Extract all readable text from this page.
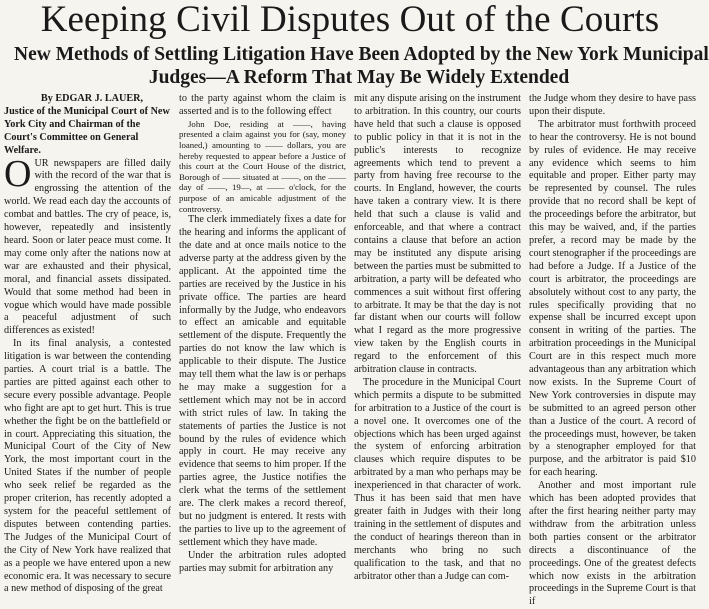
Keeping Civil Disputes Out of the Courts
New Methods of Settling Litigation Have Been Adopted by the New York Municipal
Judges—A Reform That May Be Widely Extended

By EDGAR J. LAUER,
Justice of the Municipal Court of New York City and Chairman of the Court's Committee on General Welfare.

OUR newspapers are filled daily with the record of the war that is engrossing the attention of the world. We read each day the accounts of combat and battles. The cry of peace, is, however, repeatedly and insistently heard. Soon or later peace must come. It may come only after the nations now at war are exhausted and their physical, moral, and financial assets dissipated. Would that some method had been in vogue which would have made possible a peaceful adjustment of such differences as existed!

In its final analysis, a contested litigation is war between the contending parties. A court trial is a battle. The parties are pitted against each other to secure every possible advantage. People who fight are apt to get hurt. This is true whether the fight be on the battlefield or in court. Appreciating this situation, the Municipal Court of the City of New York, the most important court in the United States if the number of people who seek relief be regarded as the proper criterion, has recently adopted a system for the peaceful settlement of disputes between contending parties. The Judges of the Municipal Court of the City of New York have realized that as a people we have entered upon a new economic era. It was necessary to secure a new method of disposing of the great

to the party against whom the claim is asserted and is to the following effect

John Doe, residing at ——, having presented a claim against you for (say, money loaned,) amounting to —— dollars, you are hereby requested to appear before a Justice of this court at the Court House of the district, Borough of —— situated at ——, on the —— day of ——, 19—, at —— o'clock, for the purpose of an amicable adjustment of the controversy.

The clerk immediately fixes a date for the hearing and informs the applicant of the date and at once mails notice to the adverse party at the address given by the applicant. At the appointed time the parties are received by the Justice in his private office. The parties are heard informally by the Judge, who endeavors to effect an amicable and equitable settlement of the dispute. Frequently the parties do not know the law which is applicable to their dispute. The Justice may tell them what the law is or perhaps he may make a suggestion for a settlement which may not be in accord with strict rules of law. In taking the statements of parties the Justice is not bound by the rules of evidence which apply in court. He may receive any evidence that seems to him proper. If the parties agree, the Justice notifies the clerk what the terms of the settlement are. The clerk makes a record thereof, but no judgment is entered. It rests with the parties to live up to the agreement of settlement which they have made.

Under the arbitration rules adopted parties may submit for arbitration any

mit any dispute arising on the instrument to arbitration. In this country, our courts have held that such a clause is opposed to public policy in that it is not in the public's interests to recognize agreements which tend to prevent a party from having free recourse to the courts. In England, however, the courts have taken a contrary view. It is there held that such a clause is valid and enforceable, and that where a contract contains a clause that before an action may be instituted any dispute arising between the parties must be submitted to arbitration, a party will be defeated who commences a suit without first offering to arbitrate. It may be that the day is not far distant when our courts will follow what I regard as the more progressive view taken by the English courts in regard to the enforcement of this arbitration clause in contracts.

The procedure in the Municipal Court which permits a dispute to be submitted for arbitration to a Justice of the court is a novel one. It overcomes one of the objections which has been urged against the system of enforcing arbitration clauses which require disputes to be arbitrated by a man who perhaps may be inexperienced in that character of work. Thus it has been said that men have greater faith in Judges with their long training in the settlement of disputes and the conduct of hearings thereon than in merchants who bring no such qualification to the task, and that no arbitrator other than a Judge can com-

the Judge whom they desire to have pass upon their dispute.

The arbitrator must forthwith proceed to hear the controversy. He is not bound by rules of evidence. He may receive any evidence which seems to him equitable and proper. Either party may be represented by counsel. The rules provide that no record shall be kept of the proceedings before the arbitrator, but this may be waived, and, if the parties prefer, a record may be made by the court stenographer if the proceedings are had before a Judge. If a Justice of the court is arbitrator, the proceedings are absolutely without cost to any party, the rules specifically providing that no expense shall be incurred except upon consent in writing of the parties. The arbitration proceedings in the Municipal Court are in this respect much more advantageous than any arbitration which now exists. In the Supreme Court of New York controversies in dispute may be submitted to an agreed person other than a Justice of the court. A record of the proceedings must, however, be taken by a stenographer employed for that purpose, and the arbitrator is paid $10 for each hearing.

Another and most important rule which has been adopted provides that after the first hearing neither party may withdraw from the arbitration unless both parties consent or the arbitrator directs a discontinuance of the proceedings. One of the greatest defects which now exists in the arbitration proceedings in the Supreme Court is that if
